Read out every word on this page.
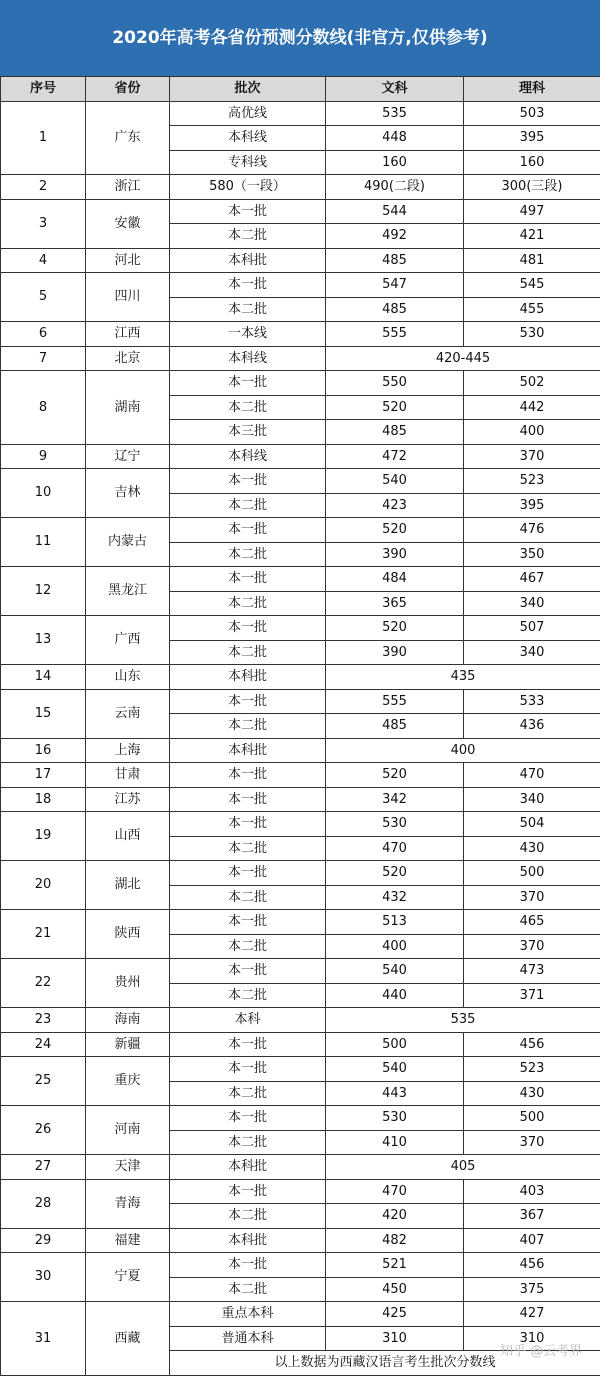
2020年高考各省份预测分数线(非官方,仅供参考)
序号	省份	批次	文科	理科
1	广东	高优线	535	503
		本科线	448	395
		专科线	160	160
2	浙江	580（一段）	490(二段)	300(三段)
3	安徽	本一批	544	497
		本二批	492	421
4	河北	本科批	485	481
5	四川	本一批	547	545
		本二批	485	455
6	江西	一本线	555	530
7	北京	本科线	420-445	
8	湖南	本一批	550	502
		本二批	520	442
		本三批	485	400
9	辽宁	本科线	472	370
10	吉林	本一批	540	523
		本二批	423	395
11	内蒙古	本一批	520	476
		本二批	390	350
12	黑龙江	本一批	484	467
		本二批	365	340
13	广西	本一批	520	507
		本二批	390	340
14	山东	本科批	435	
15	云南	本一批	555	533
		本二批	485	436
16	上海	本科批	400	
17	甘肃	本一批	520	470
18	江苏	本一批	342	340
19	山西	本一批	530	504
		本二批	470	430
20	湖北	本一批	520	500
		本二批	432	370
21	陕西	本一批	513	465
		本二批	400	370
22	贵州	本一批	540	473
		本二批	440	371
23	海南	本科	535	
24	新疆	本一批	500	456
25	重庆	本一批	540	523
		本二批	443	430
26	河南	本一批	530	500
		本二批	410	370
27	天津	本科批	405	
28	青海	本一批	470	403
		本二批	420	367
29	福建	本科批	482	407
30	宁夏	本一批	521	456
		本二批	450	375
31	西藏	重点本科	425	427
		普通本科	310	310
		以上数据为西藏汉语言考生批次分数线		
知乎 @云考界
